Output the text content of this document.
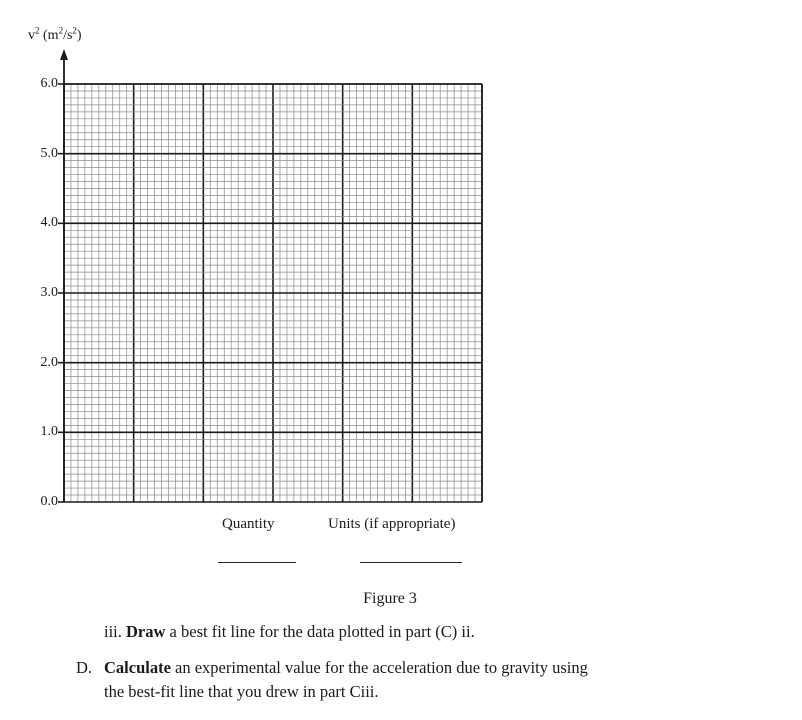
$v^2$ $(m^2/s^2)$
6.0
5.0
4.0
3.0
2.0
1.0
0.0
Quantity	Units (if appropriate)
Figure 3
iii. Draw a best fit line for the data plotted in part (C) ii.
D. Calculate an experimental value for the acceleration due to gravity using
the best-fit line that you drew in part Ciii.
